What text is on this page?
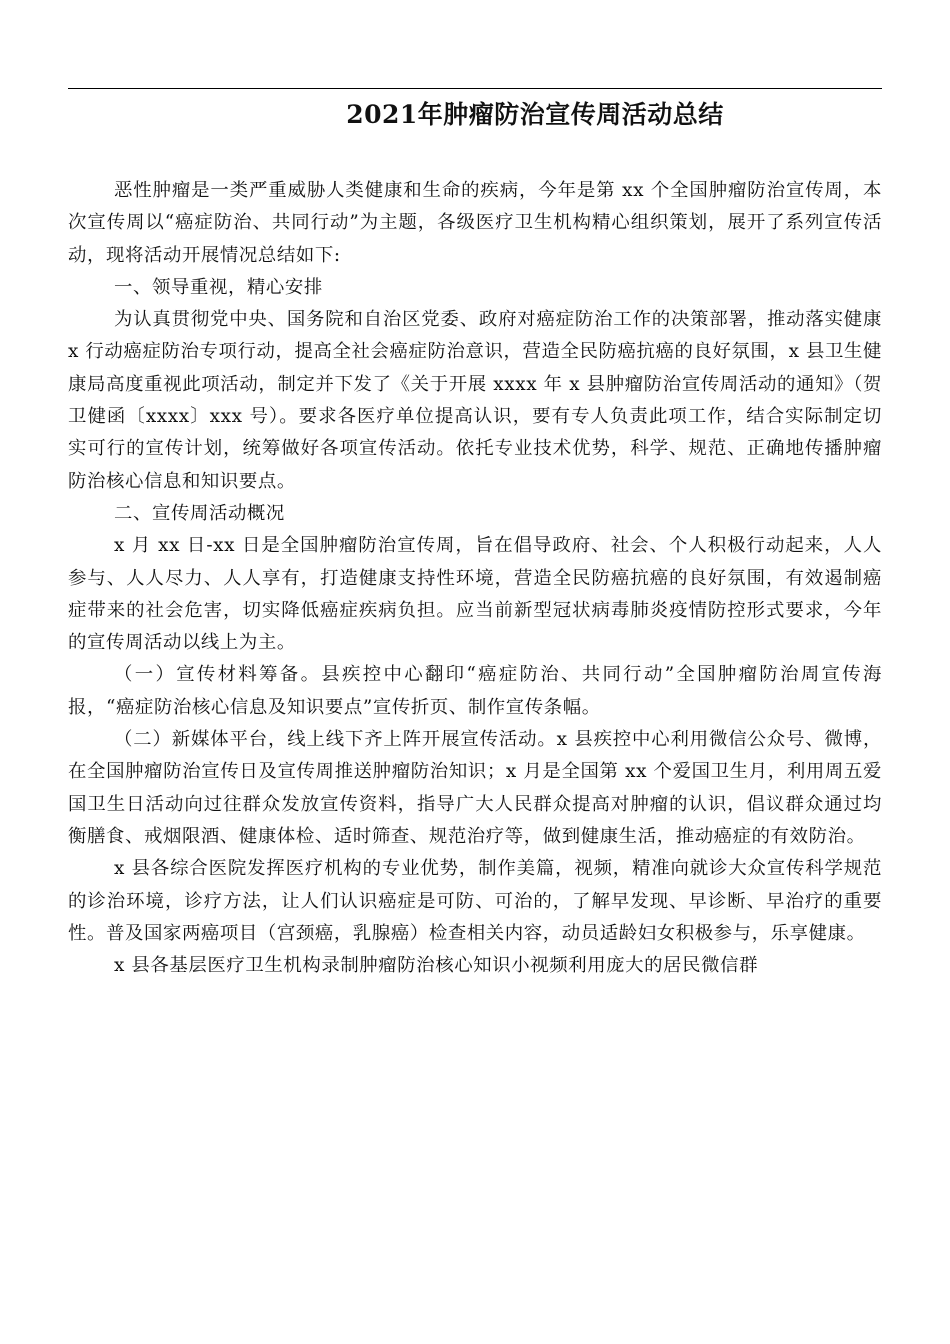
2021年肿瘤防治宣传周活动总结

恶性肿瘤是一类严重威胁人类健康和生命的疾病，今年是第 xx 个全国肿瘤防治宣传周，本次宣传周以“癌症防治、共同行动”为主题，各级医疗卫生机构精心组织策划，展开了系列宣传活动，现将活动开展情况总结如下:

一、领导重视，精心安排

为认真贯彻党中央、国务院和自治区党委、政府对癌症防治工作的决策部署，推动落实健康 x 行动癌症防治专项行动，提高全社会癌症防治意识，营造全民防癌抗癌的良好氛围，x 县卫生健康局高度重视此项活动，制定并下发了《关于开展 xxxx 年 x 县肿瘤防治宣传周活动的通知》（贺卫健函〔xxxx〕xxx 号）。要求各医疗单位提高认识，要有专人负责此项工作，结合实际制定切实可行的宣传计划，统筹做好各项宣传活动。依托专业技术优势，科学、规范、正确地传播肿瘤防治核心信息和知识要点。

二、宣传周活动概况

x 月 xx 日-xx 日是全国肿瘤防治宣传周，旨在倡导政府、社会、个人积极行动起来，人人参与、人人尽力、人人享有，打造健康支持性环境，营造全民防癌抗癌的良好氛围，有效遏制癌症带来的社会危害，切实降低癌症疾病负担。应当前新型冠状病毒肺炎疫情防控形式要求，今年的宣传周活动以线上为主。

（一）宣传材料筹备。县疾控中心翻印“癌症防治、共同行动”全国肿瘤防治周宣传海报，“癌症防治核心信息及知识要点”宣传折页、制作宣传条幅。

（二）新媒体平台，线上线下齐上阵开展宣传活动。x 县疾控中心利用微信公众号、微博，在全国肿瘤防治宣传日及宣传周推送肿瘤防治知识；x 月是全国第 xx 个爱国卫生月，利用周五爱国卫生日活动向过往群众发放宣传资料，指导广大人民群众提高对肿瘤的认识，倡议群众通过均衡膳食、戒烟限酒、健康体检、适时筛查、规范治疗等，做到健康生活，推动癌症的有效防治。

x 县各综合医院发挥医疗机构的专业优势，制作美篇，视频，精准向就诊大众宣传科学规范的诊治环境，诊疗方法，让人们认识癌症是可防、可治的，了解早发现、早诊断、早治疗的重要性。普及国家两癌项目（宫颈癌，乳腺癌）检查相关内容，动员适龄妇女积极参与，乐享健康。

x 县各基层医疗卫生机构录制肿瘤防治核心知识小视频利用庞大的居民微信群
